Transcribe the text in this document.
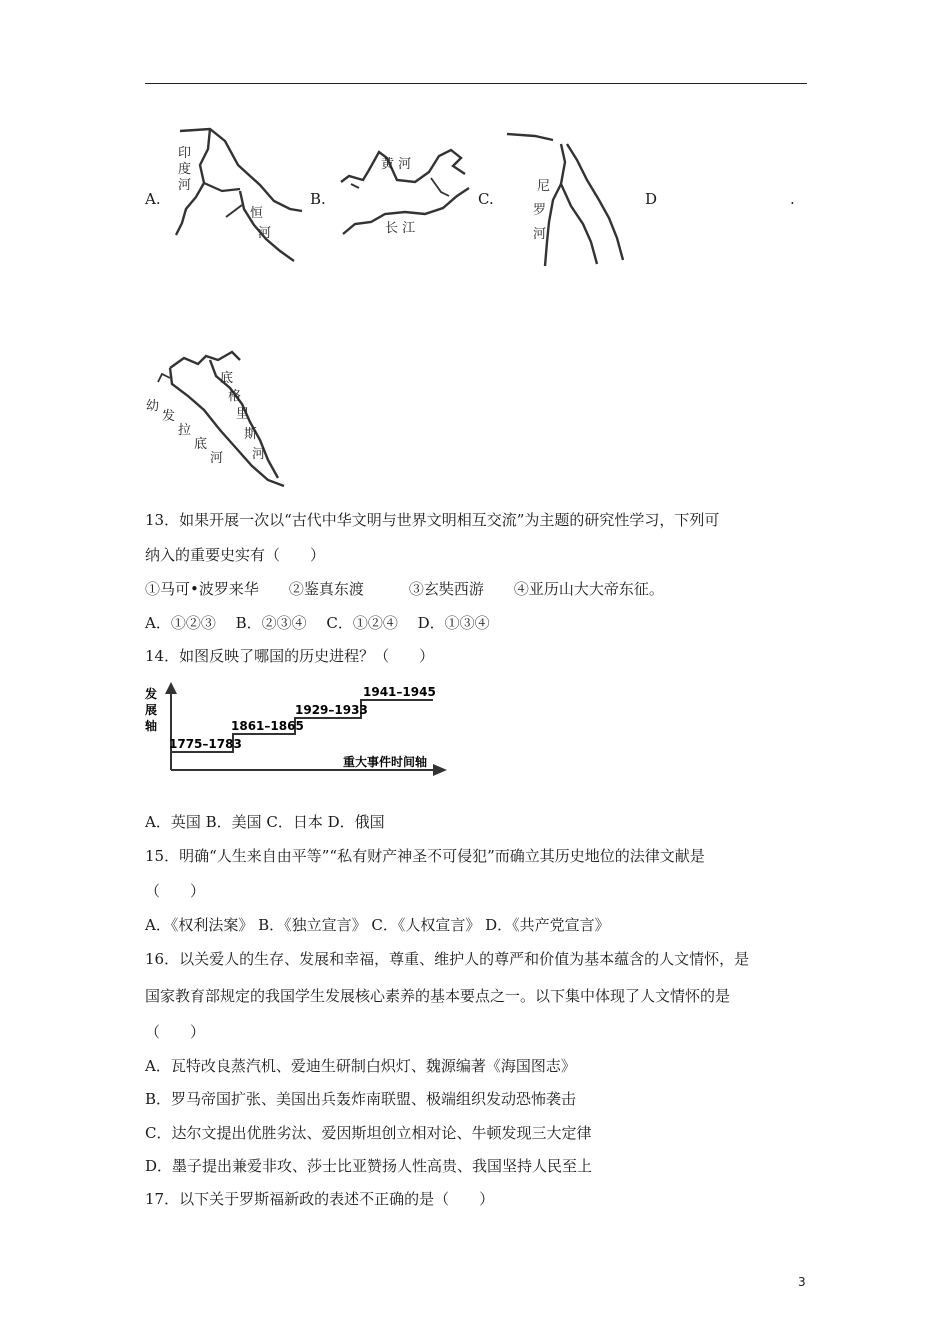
A.	B.	C.	D	.
印
度
河
恒
河
黄 河
长 江
尼
罗
河
底
格
里
斯
河
幼
发
拉
底
河
13．如果开展一次以“古代中华文明与世界文明相互交流”为主题的研究性学习，下列可
纳入的重要史实有（　　）
①马可•波罗来华　　②鉴真东渡　　　③玄奘西游　　④亚历山大大帝东征。
A．①②③　 B．②③④　 C．①②④　 D．①③④
14．如图反映了哪国的历史进程？（　　）
发
展
轴
1775–1783
1861–1865
1929–1933
1941–1945
重大事件时间轴
A．英国 B．美国 C．日本 D．俄国
15．明确“人生来自由平等”“私有财产神圣不可侵犯”而确立其历史地位的法律文献是
（　　）
A．《权利法案》 B．《独立宣言》 C．《人权宣言》 D．《共产党宣言》
16．以关爱人的生存、发展和幸福，尊重、维护人的尊严和价值为基本蕴含的人文情怀，是
国家教育部规定的我国学生发展核心素养的基本要点之一。以下集中体现了人文情怀的是
（　　）
A．瓦特改良蒸汽机、爱迪生研制白炽灯、魏源编著《海国图志》
B．罗马帝国扩张、美国出兵轰炸南联盟、极端组织发动恐怖袭击
C．达尔文提出优胜劣汰、爱因斯坦创立相对论、牛顿发现三大定律
D．墨子提出兼爱非攻、莎士比亚赞扬人性高贵、我国坚持人民至上
17．以下关于罗斯福新政的表述不正确的是（　　）
3
